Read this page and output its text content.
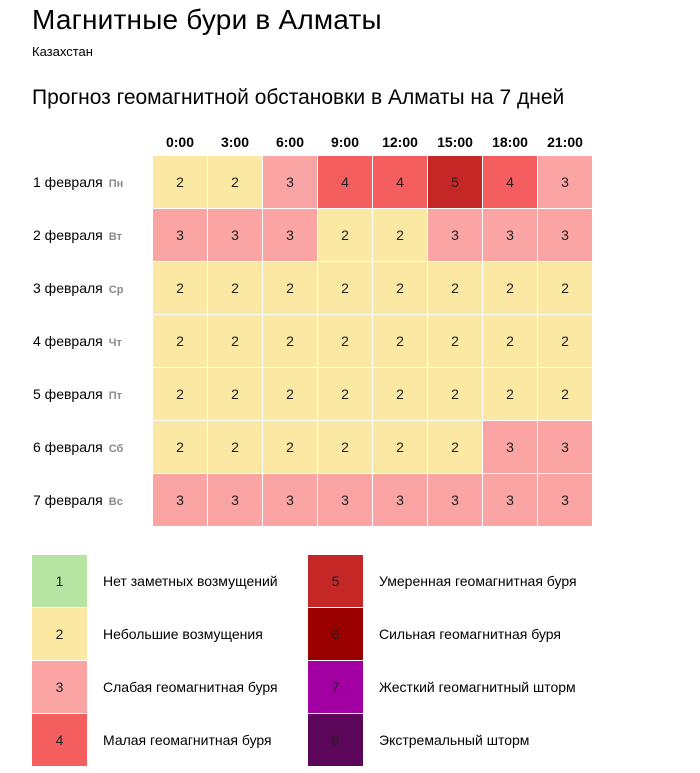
Магнитные бури в Алматы
Казахстан
Прогноз геомагнитной обстановки в Алматы на 7 дней
	0:00	3:00	6:00	9:00	12:00	15:00	18:00	21:00
1 февраля Пн	2	2	3	4	4	5	4	3
2 февраля Вт	3	3	3	2	2	3	3	3
3 февраля Ср	2	2	2	2	2	2	2	2
4 февраля Чт	2	2	2	2	2	2	2	2
5 февраля Пт	2	2	2	2	2	2	2	2
6 февраля Сб	2	2	2	2	2	2	3	3
7 февраля Вс	3	3	3	3	3	3	3	3
1	Нет заметных возмущений
2	Небольшие возмущения
3	Слабая геомагнитная буря
4	Малая геомагнитная буря
5	Умеренная геомагнитная буря
6	Сильная геомагнитная буря
7	Жесткий геомагнитный шторм
8	Экстремальный шторм
